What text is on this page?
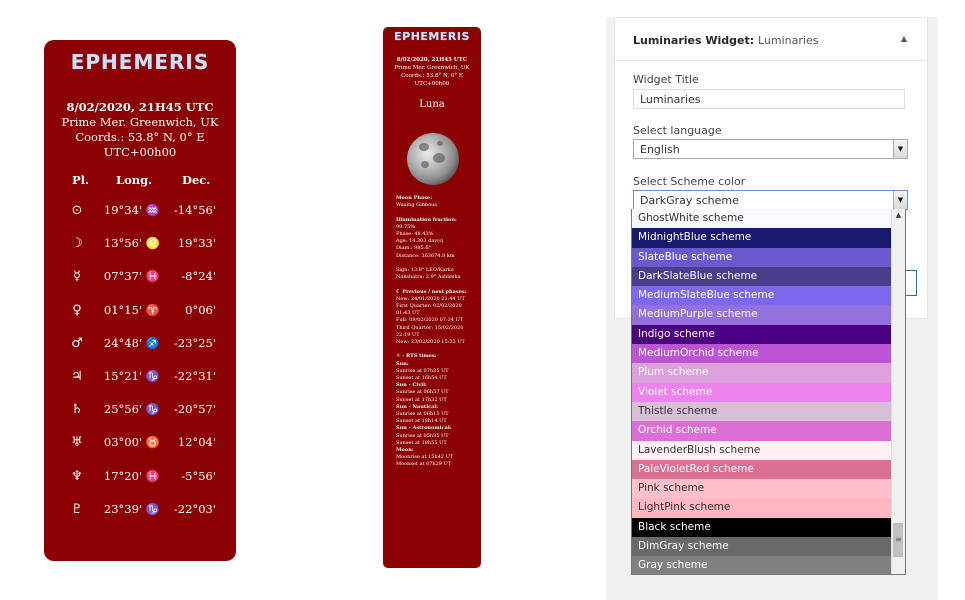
EPHEMERIS
8/02/2020, 21H45 UTC
Prime Mer. Greenwich, UK
Coords.: 53.8° N, 0° E
UTC+00h00
Pl. Long.	Dec.
⊙	19°34' ♒	-14°56'
☽	13°56' ♌	19°33'
☿	07°37' ♓	-8°24'
♀	01°15' ♈	0°06'
♂	24°48' ♐	-23°25'
♃	15°21' ♑	-22°31'
♄	25°56' ♑	-20°57'
♅	03°00' ♉	12°04'
♆	17°20' ♓	-5°56'
♇	23°39' ♑	-22°03'
EPHEMERIS
8/02/2020, 21H45 UTC
Prime Mer. Greenwich, UK
Coords.: 53.8° N, 0° E
UTC+00h00
Luna
Moon Phase:
Waxing Gibbous
Illumination fraction:
99.75%
Phase: 48.43%
Age: 14.303 day(s)
Diam.: 985.6"
Distance: 363674.8 km
Sign: 13.9° LEO/Karka
Nakshatra: 2.9° Ashlesha
☾ Previous / next phases:
New: 24/01/2020 21:44 UT
First Quarter: 02/02/2020
01:43 UT
Full: 09/02/2020 07:34 UT
Third Quarter: 15/02/2020
22:19 UT
New: 23/02/2020 15:33 UT
☼ - RTS times:
Sun:
Sunrise at 07h35 UT
Sunset at 16h54 UT
Sun - Civil:
Sunrise at 06h57 UT
Sunset at 17h32 UT
Sun - Nautical:
Sunrise at 06h15 UT
Sunset at 18h14 UT
Sun - Astronomical:
Sunrise at 05h35 UT
Sunset at 18h55 UT
Moon:
Moonrise at 15h42 UT
Moonset at 07h29 UT
Luminaries Widget: Luminaries	▲
Widget Title
Luminaries
Select language
English	▼
Select Scheme color
DarkGray scheme	▼
GhostWhite scheme
MidnightBlue scheme
SlateBlue scheme
DarkSlateBlue scheme
MediumSlateBlue scheme
MediumPurple scheme
Indigo scheme
MediumOrchid scheme
Plum scheme
Violet scheme
Thistle scheme
Orchid scheme
LavenderBlush scheme
PaleVioletRed scheme
Pink scheme
LightPink scheme
Black scheme
DimGray scheme
Gray scheme
▲
≡
